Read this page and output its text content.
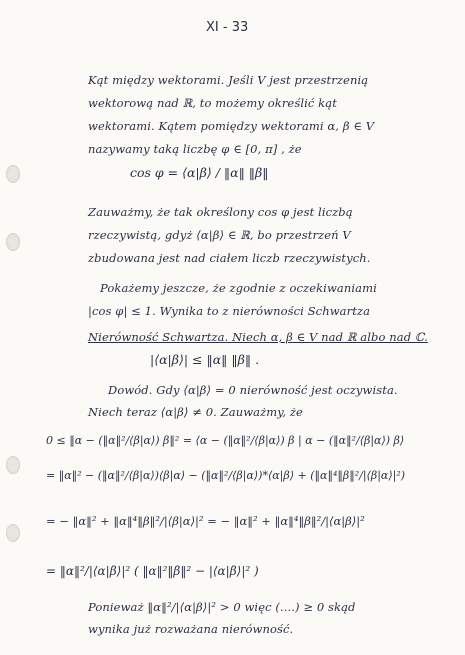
XI - 33
Kąt między wektorami. Jeśli V jest przestrzenią
wektorową nad ℝ, to możemy określić kąt
wektorami. Kątem pomiędzy wektorami α, β ∈ V
nazywamy taką liczbę φ ∈ [0, π] , że
cos φ = ⟨α|β⟩ / ‖α‖ ‖β‖
Zauważmy, że tak określony cos φ jest liczbą
rzeczywistą, gdyż ⟨α|β⟩ ∈ ℝ, bo przestrzeń V
zbudowana jest nad ciałem liczb rzeczywistych.
Pokażemy jeszcze, że zgodnie z oczekiwaniami
|cos φ| ≤ 1. Wynika to z nierówności Schwartza
Nierówność Schwartza. Niech α, β ∈ V nad ℝ albo nad ℂ.
|⟨α|β⟩| ≤ ‖α‖ ‖β‖ .
Dowód. Gdy ⟨α|β⟩ = 0 nierówność jest oczywista.
Niech teraz ⟨α|β⟩ ≠ 0. Zauważmy, że
0 ≤ ‖α − (‖α‖²/⟨β|α⟩) β‖² = ⟨α − (‖α‖²/⟨β|α⟩) β | α − (‖α‖²/⟨β|α⟩) β⟩
= ‖α‖² − (‖α‖²/⟨β|α⟩)⟨β|α⟩ − (‖α‖²/⟨β|α⟩)*⟨α|β⟩ + (‖α‖⁴‖β‖²/|⟨β|α⟩|²)
= − ‖α‖² + ‖α‖⁴‖β‖²/|⟨β|α⟩|² = − ‖α‖² + ‖α‖⁴‖β‖²/|⟨α|β⟩|²
= ‖α‖²/|⟨α|β⟩|² ( ‖α‖²‖β‖² − |⟨α|β⟩|² )
Ponieważ ‖α‖²/|⟨α|β⟩|² > 0 więc (....) ≥ 0 skąd
wynika już rozważana nierówność.
